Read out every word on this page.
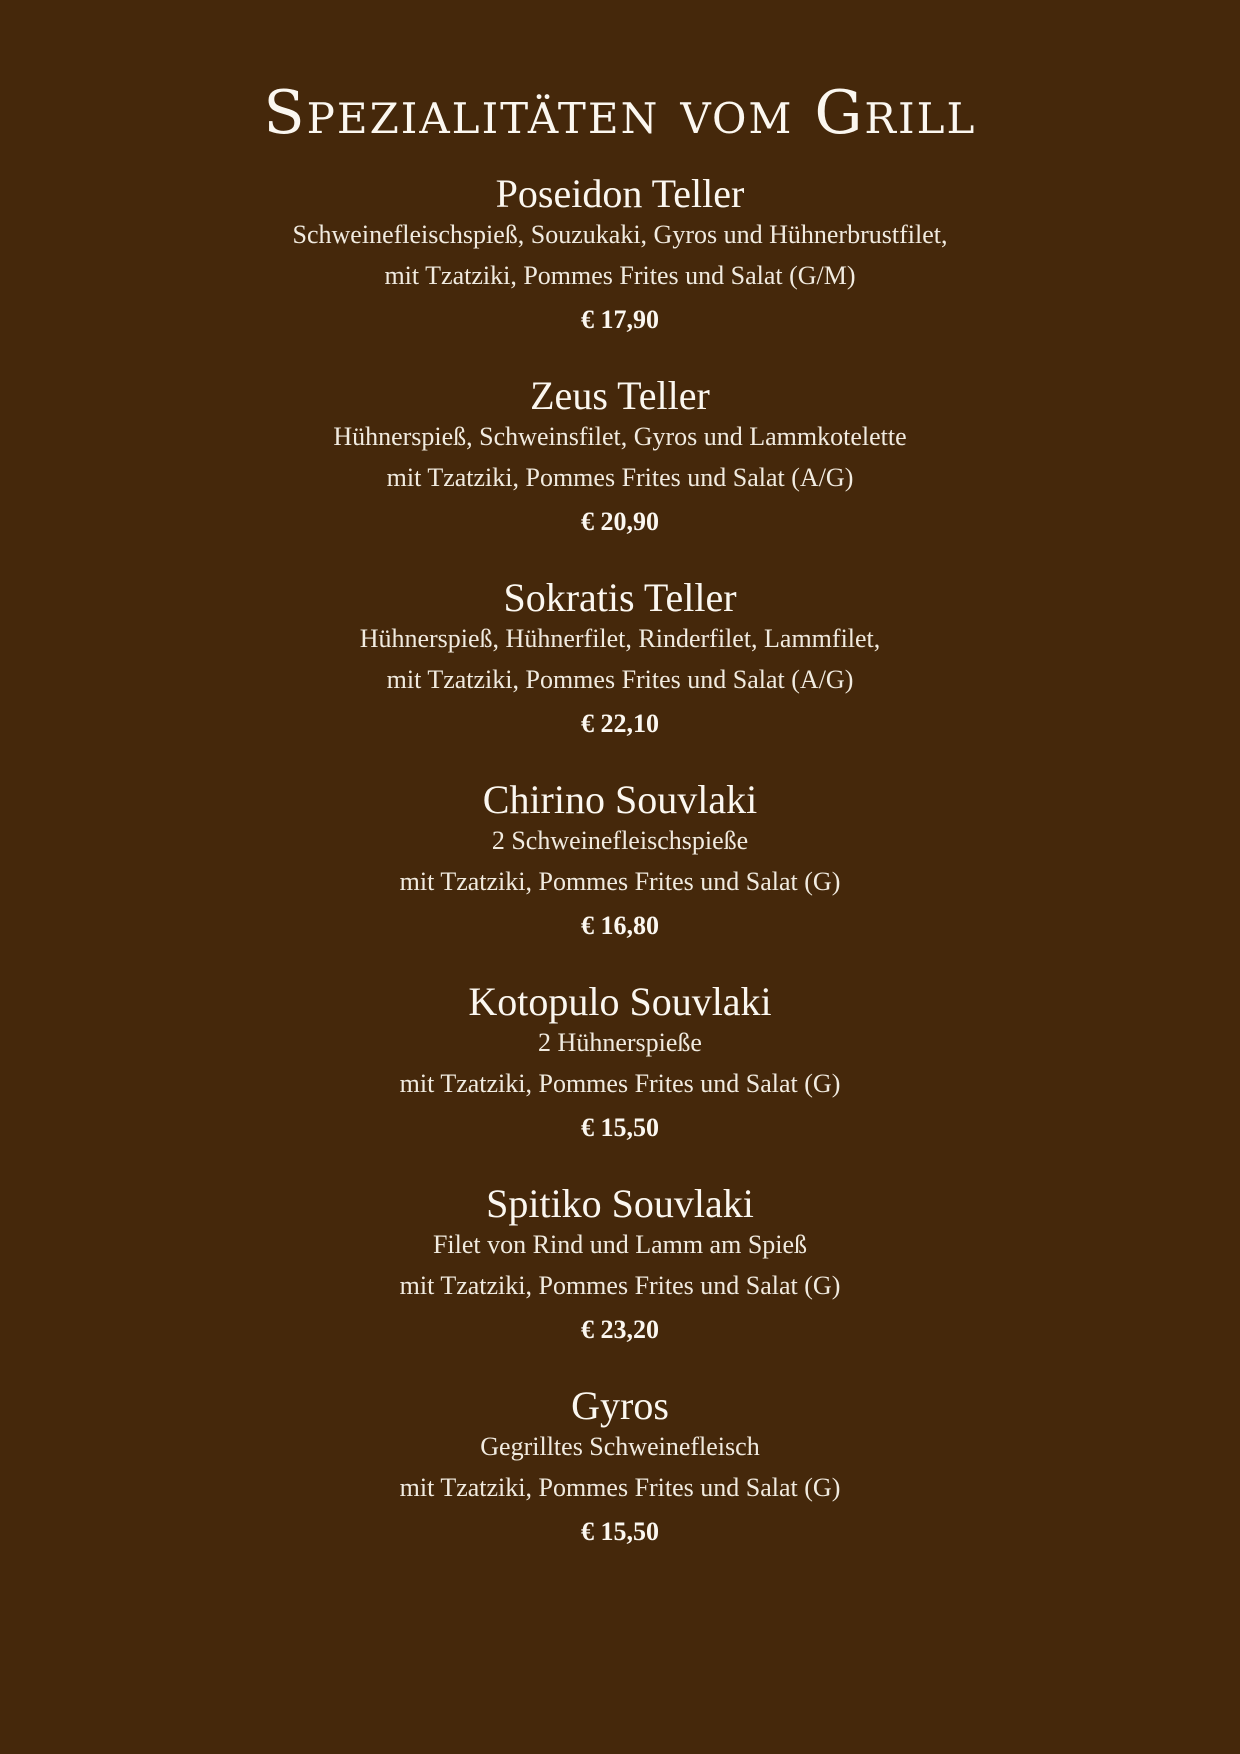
Spezialitäten vom Grill

Poseidon Teller

Schweinefleischspieß, Souzukaki, Gyros und Hühnerbrustfilet,

mit Tzatziki, Pommes Frites und Salat (G/M)

€ 17,90

Zeus Teller

Hühnerspieß, Schweinsfilet, Gyros und Lammkotelette

mit Tzatziki, Pommes Frites und Salat (A/G)

€ 20,90

Sokratis Teller

Hühnerspieß, Hühnerfilet, Rinderfilet, Lammfilet,

mit Tzatziki, Pommes Frites und Salat (A/G)

€ 22,10

Chirino Souvlaki

2 Schweinefleischspieße

mit Tzatziki, Pommes Frites und Salat (G)

€ 16,80

Kotopulo Souvlaki

2 Hühnerspieße

mit Tzatziki, Pommes Frites und Salat (G)

€ 15,50

Spitiko Souvlaki

Filet von Rind und Lamm am Spieß

mit Tzatziki, Pommes Frites und Salat (G)

€ 23,20

Gyros

Gegrilltes Schweinefleisch

mit Tzatziki, Pommes Frites und Salat (G)

€ 15,50
